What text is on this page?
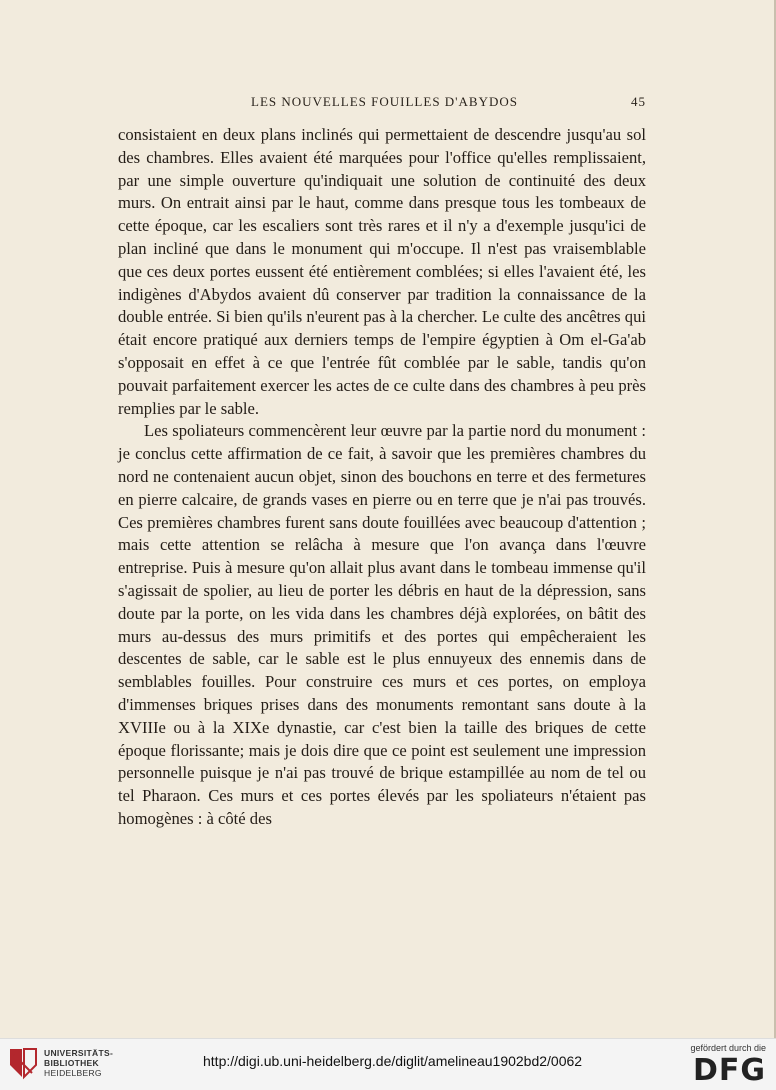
LES NOUVELLES FOUILLES D'ABYDOS	45

consistaient en deux plans inclinés qui permettaient de descendre jusqu'au sol des chambres. Elles avaient été marquées pour l'office qu'elles remplissaient, par une simple ouverture qu'indiquait une solution de continuité des deux murs. On entrait ainsi par le haut, comme dans presque tous les tombeaux de cette époque, car les escaliers sont très rares et il n'y a d'exemple jusqu'ici de plan incliné que dans le monument qui m'occupe. Il n'est pas vraisemblable que ces deux portes eussent été entièrement comblées; si elles l'avaient été, les indigènes d'Abydos avaient dû conserver par tradition la connaissance de la double entrée. Si bien qu'ils n'eurent pas à la chercher. Le culte des ancêtres qui était encore pratiqué aux derniers temps de l'empire égyptien à Om el-Ga'ab s'opposait en effet à ce que l'entrée fût comblée par le sable, tandis qu'on pouvait parfaitement exercer les actes de ce culte dans des chambres à peu près remplies par le sable.

Les spoliateurs commencèrent leur œuvre par la partie nord du monument : je conclus cette affirmation de ce fait, à savoir que les premières chambres du nord ne contenaient aucun objet, sinon des bouchons en terre et des fermetures en pierre calcaire, de grands vases en pierre ou en terre que je n'ai pas trouvés. Ces premières chambres furent sans doute fouillées avec beaucoup d'attention ; mais cette attention se relâcha à mesure que l'on avança dans l'œuvre entreprise. Puis à mesure qu'on allait plus avant dans le tombeau immense qu'il s'agissait de spolier, au lieu de porter les débris en haut de la dépression, sans doute par la porte, on les vida dans les chambres déjà explorées, on bâtit des murs au-dessus des murs primitifs et des portes qui empêcheraient les descentes de sable, car le sable est le plus ennuyeux des ennemis dans de semblables fouilles. Pour construire ces murs et ces portes, on employa d'immenses briques prises dans des monuments remontant sans doute à la XVIIIe ou à la XIXe dynastie, car c'est bien la taille des briques de cette époque florissante; mais je dois dire que ce point est seulement une impression personnelle puisque je n'ai pas trouvé de brique estampillée au nom de tel ou tel Pharaon. Ces murs et ces portes élevés par les spoliateurs n'étaient pas homogènes : à côté des

UNIVERSITÄTS-
BIBLIOTHEK
HEIDELBERG
http://digi.ub.uni-heidelberg.de/diglit/amelineau1902bd2/0062
gefördert durch die
DFG
